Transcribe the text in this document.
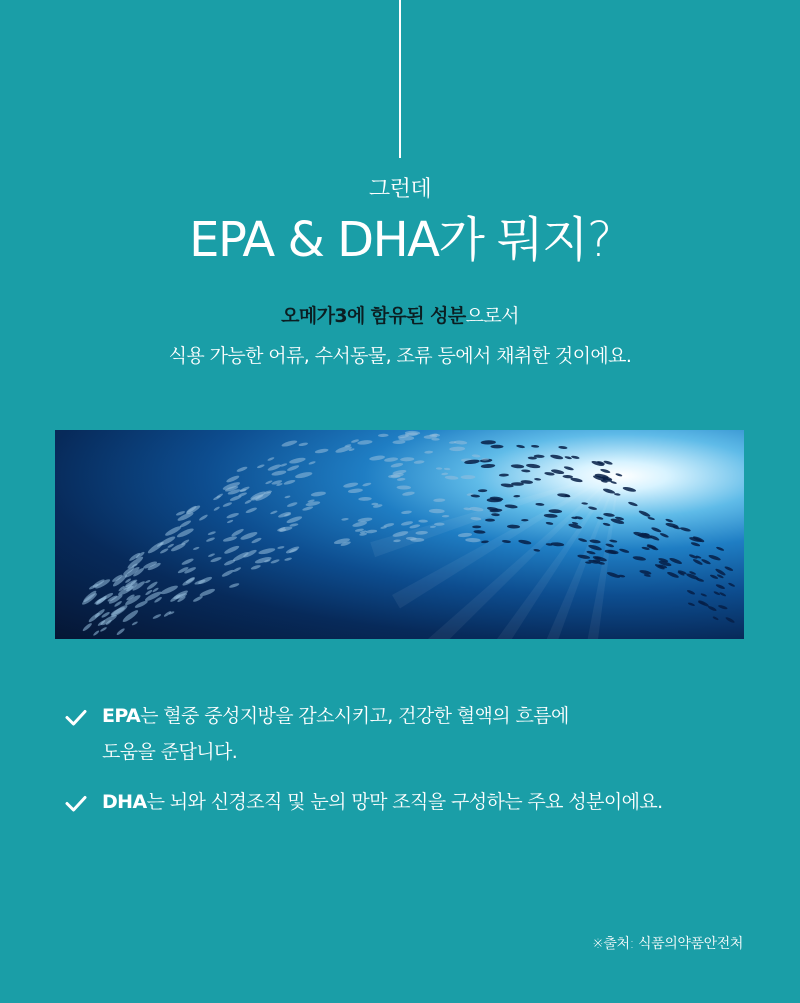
그런데
EPA & DHA가 뭐지?
오메가3에 함유된 성분으로서
식용 가능한 어류, 수서동물, 조류 등에서 채취한 것이에요.
EPA는 혈중 중성지방을 감소시키고, 건강한 혈액의 흐름에
도움을 준답니다.
DHA는 뇌와 신경조직 및 눈의 망막 조직을 구성하는 주요 성분이에요.
※출처: 식품의약품안전처
